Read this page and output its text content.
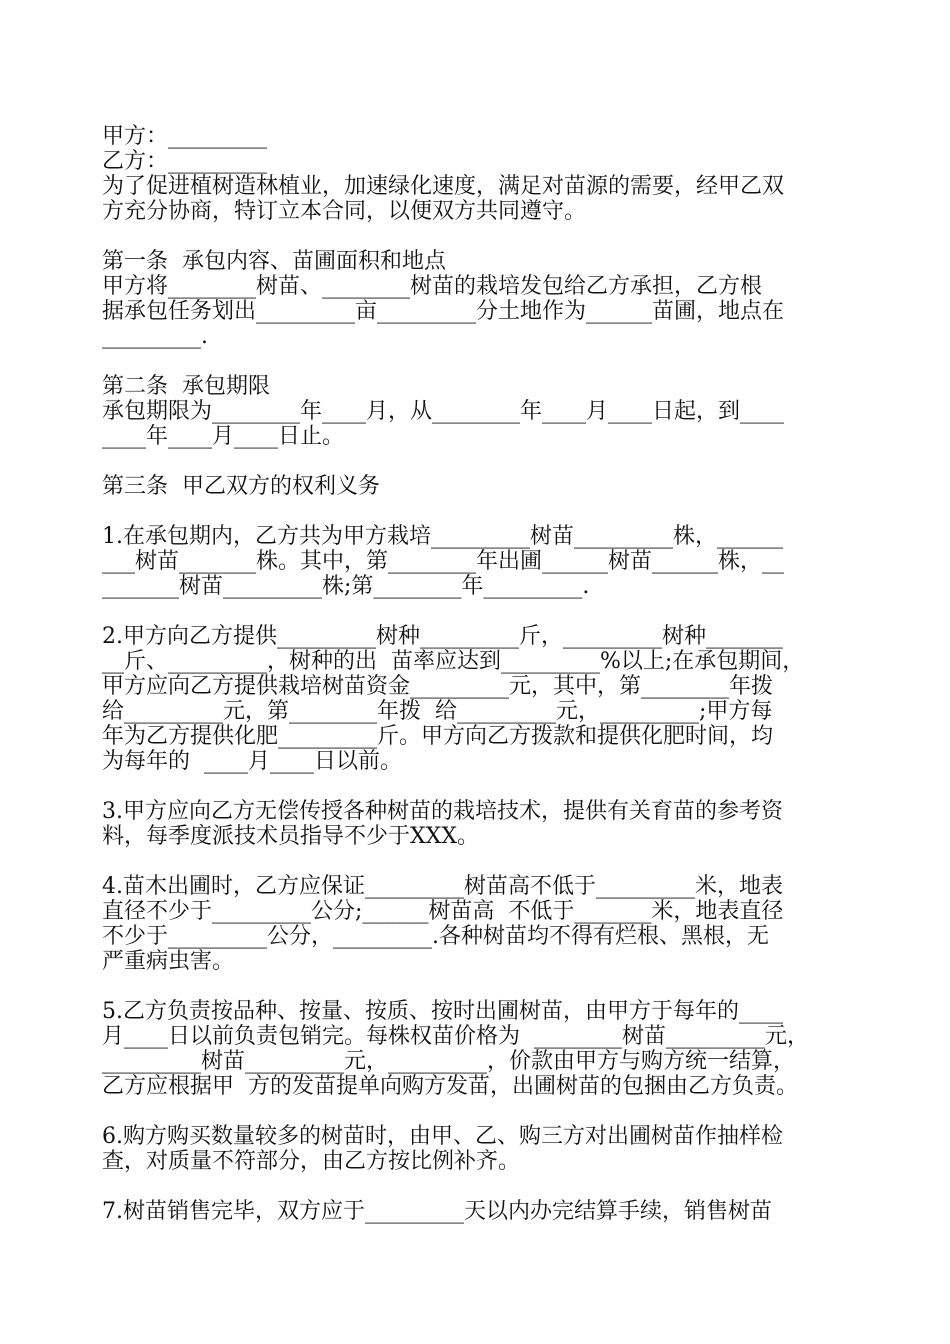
甲方：_________
乙方：_________
为了促进植树造林植业，加速绿化速度，满足对苗源的需要，经甲乙双
方充分协商，特订立本合同，以便双方共同遵守。
第一条  承包内容、苗圃面积和地点
甲方将________树苗、________树苗的栽培发包给乙方承担，乙方根
据承包任务划出_________亩_________分土地作为______苗圃，地点在
_________.
第二条  承包期限
承包期限为________年____月，从________年____月____日起，到____
____年____月____日止。
第三条  甲乙双方的权利义务
1.在承包期内，乙方共为甲方栽培_________树苗_________株，______
___树苗_______株。其中，第________年出圃______树苗______株，__
_______树苗_________株;第________年_________.
2.甲方向乙方提供_________树种_________斤，_________树种_______
__斤、_________，树种的出  苗率应达到_________%以上;在承包期间，
甲方应向乙方提供栽培树苗资金_________元，其中，第________年拨
给_________元，第________年拨  给_________元，_________;甲方每
年为乙方提供化肥_________斤。甲方向乙方拨款和提供化肥时间，均
为每年的  ____月____日以前。
3.甲方应向乙方无偿传授各种树苗的栽培技术，提供有关育苗的参考资
料，每季度派技术员指导不少于XXX。
4.苗木出圃时，乙方应保证_________树苗高不低于_________米，地表
直径不少于_________公分;______树苗高  不低于_______米，地表直径
不少于_________公分，_________.各种树苗均不得有烂根、黑根，无
严重病虫害。
5.乙方负责按品种、按量、按质、按时出圃树苗，由甲方于每年的____
月____日以前负责包销完。每株权苗价格为  ________树苗_________元，
_________树苗_________元，_________，价款由甲方与购方统一结算，
乙方应根据甲  方的发苗提单向购方发苗，出圃树苗的包捆由乙方负责。
6.购方购买数量较多的树苗时，由甲、乙、购三方对出圃树苗作抽样检
查，对质量不符部分，由乙方按比例补齐。
7.树苗销售完毕，双方应于_________天以内办完结算手续，销售树苗
